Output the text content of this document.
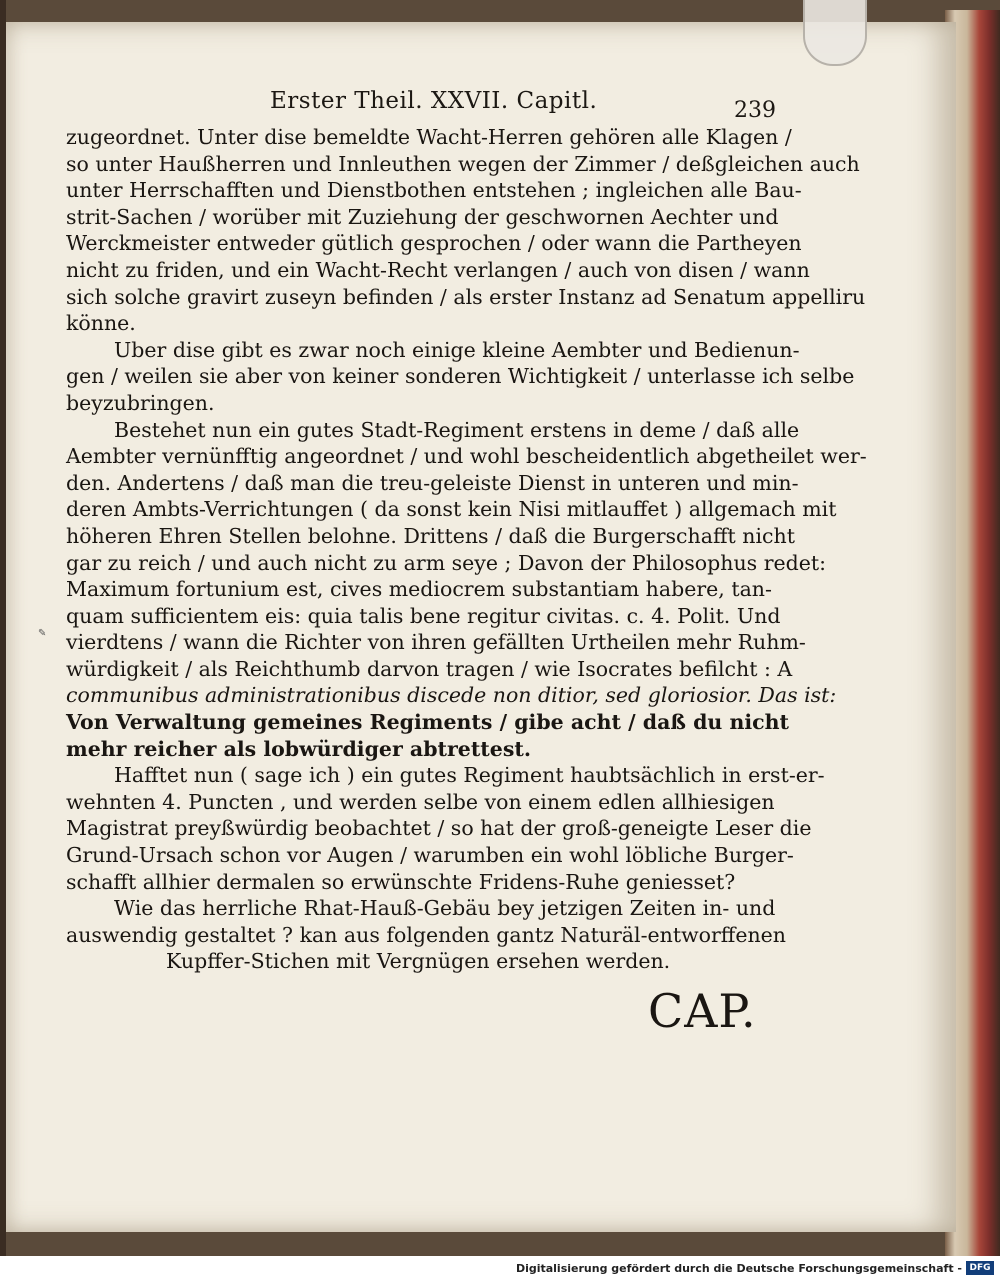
Erster Theil. XXVII. Capitl.	239
zugeordnet. Unter dise bemeldte Wacht-Herren gehören alle Klagen /
so unter Haußherren und Innleuthen wegen der Zimmer / deßgleichen auch
unter Herrschafften und Dienstbothen entstehen ; ingleichen alle Bau-
strit-Sachen / worüber mit Zuziehung der geschwornen Aechter und
Werckmeister entweder gütlich gesprochen / oder wann die Partheyen
nicht zu friden, und ein Wacht-Recht verlangen / auch von disen / wann
sich solche gravirt zuseyn befinden / als erster Instanz ad Senatum appelliru
könne.
Uber dise gibt es zwar noch einige kleine Aembter und Bedienun-
gen / weilen sie aber von keiner sonderen Wichtigkeit / unterlasse ich selbe
beyzubringen.
Bestehet nun ein gutes Stadt-Regiment erstens in deme / daß alle
Aembter vernünfftig angeordnet / und wohl bescheidentlich abgetheilet wer-
den. Andertens / daß man die treu-geleiste Dienst in unteren und min-
deren Ambts-Verrichtungen ( da sonst kein Nisi mitlauffet ) allgemach mit
höheren Ehren Stellen belohne. Drittens / daß die Burgerschafft nicht
gar zu reich / und auch nicht zu arm seye ; Davon der Philosophus redet:
Maximum fortunium est, cives mediocrem substantiam habere, tan-
quam sufficientem eis: quia talis bene regitur civitas. c. 4. Polit. Und
vierdtens / wann die Richter von ihren gefällten Urtheilen mehr Ruhm-
würdigkeit / als Reichthumb darvon tragen / wie Isocrates befilcht : A
communibus administrationibus discede non ditior, sed gloriosior. Das ist:
Von Verwaltung gemeines Regiments / gibe acht / daß du nicht
mehr reicher als lobwürdiger abtrettest.
Hafftet nun ( sage ich ) ein gutes Regiment haubtsächlich in erst-er-
wehnten 4. Puncten , und werden selbe von einem edlen allhiesigen
Magistrat preyßwürdig beobachtet / so hat der groß-geneigte Leser die
Grund-Ursach schon vor Augen / warumben ein wohl löbliche Burger-
schafft allhier dermalen so erwünschte Fridens-Ruhe geniesset?
Wie das herrliche Rhat-Hauß-Gebäu bey jetzigen Zeiten in- und
auswendig gestaltet ? kan aus folgenden gantz Naturäl-entworffenen
Kupffer-Stichen mit Vergnügen ersehen werden.
✎
CAP.
Digitalisierung gefördert durch die Deutsche Forschungsgemeinschaft - DFG
